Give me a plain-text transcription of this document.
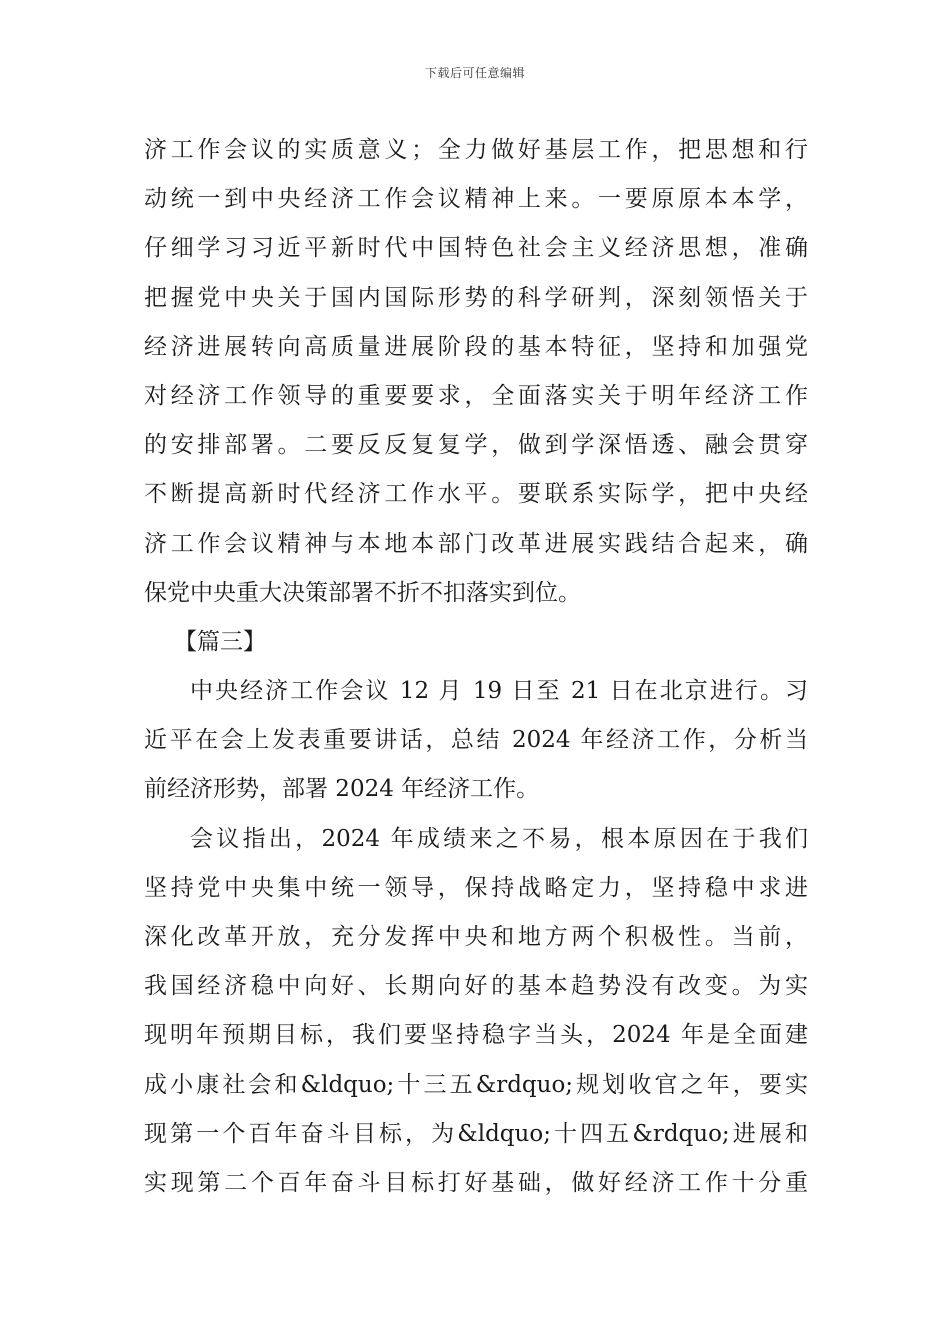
下载后可任意编辑
济工作会议的实质意义；全力做好基层工作，把思想和行
动统一到中央经济工作会议精神上来。一要原原本本学，
仔细学习习近平新时代中国特色社会主义经济思想，准确
把握党中央关于国内国际形势的科学研判，深刻领悟关于
经济进展转向高质量进展阶段的基本特征，坚持和加强党
对经济工作领导的重要要求，全面落实关于明年经济工作
的安排部署。二要反反复复学，做到学深悟透、融会贯穿
不断提高新时代经济工作水平。要联系实际学，把中央经
济工作会议精神与本地本部门改革进展实践结合起来，确
保党中央重大决策部署不折不扣落实到位。
【篇三】
中央经济工作会议 12 月 19 日至 21 日在北京进行。习
近平在会上发表重要讲话，总结 2024 年经济工作，分析当
前经济形势，部署 2024 年经济工作。
会议指出，2024 年成绩来之不易，根本原因在于我们
坚持党中央集中统一领导，保持战略定力，坚持稳中求进
深化改革开放，充分发挥中央和地方两个积极性。当前，
我国经济稳中向好、长期向好的基本趋势没有改变。为实
现明年预期目标，我们要坚持稳字当头，2024 年是全面建
成小康社会和&ldquo;十三五&rdquo;规划收官之年，要实
现第一个百年奋斗目标，为&ldquo;十四五&rdquo;进展和
实现第二个百年奋斗目标打好基础，做好经济工作十分重
